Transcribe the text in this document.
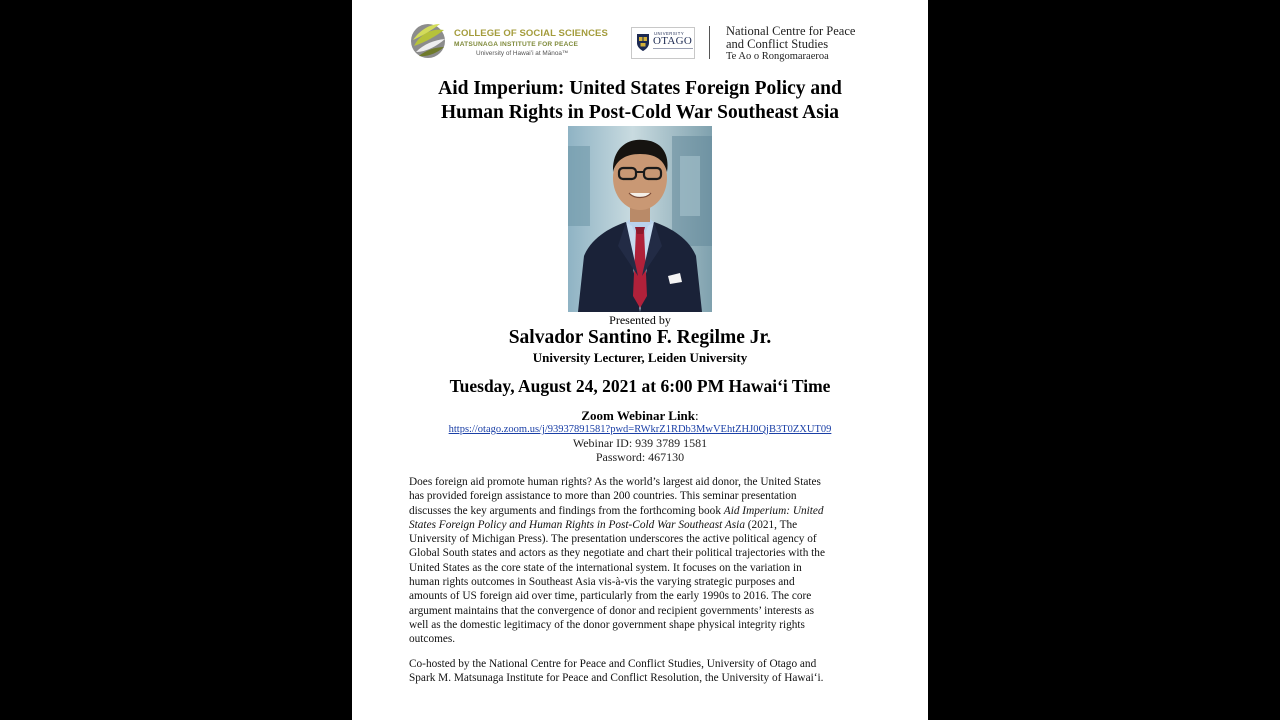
COLLEGE OF SOCIAL SCIENCES
MATSUNAGA INSTITUTE FOR PEACE
University of Hawaiʻi at Mānoa™
UNIVERSITY
OTAGO
National Centre for Peace
and Conflict Studies
Te Ao o Rongomaraeroa
Aid Imperium: United States Foreign Policy and
Human Rights in Post-Cold War Southeast Asia
Presented by
Salvador Santino F. Regilme Jr.
University Lecturer, Leiden University
Tuesday, August 24, 2021 at 6:00 PM Hawaiʻi Time
Zoom Webinar Link:
https://otago.zoom.us/j/93937891581?pwd=RWkrZ1RDb3MwVEhtZHJ0QjB3T0ZXUT09
Webinar ID: 939 3789 1581
Password: 467130
Does foreign aid promote human rights? As the world’s largest aid donor, the United States
has provided foreign assistance to more than 200 countries. This seminar presentation
discusses the key arguments and findings from the forthcoming book Aid Imperium: United
States Foreign Policy and Human Rights in Post-Cold War Southeast Asia (2021, The
University of Michigan Press). The presentation underscores the active political agency of
Global South states and actors as they negotiate and chart their political trajectories with the
United States as the core state of the international system. It focuses on the variation in
human rights outcomes in Southeast Asia vis-à-vis the varying strategic purposes and
amounts of US foreign aid over time, particularly from the early 1990s to 2016. The core
argument maintains that the convergence of donor and recipient governments’ interests as
well as the domestic legitimacy of the donor government shape physical integrity rights
outcomes.
Co-hosted by the National Centre for Peace and Conflict Studies, University of Otago and
Spark M. Matsunaga Institute for Peace and Conflict Resolution, the University of Hawaiʻi.
